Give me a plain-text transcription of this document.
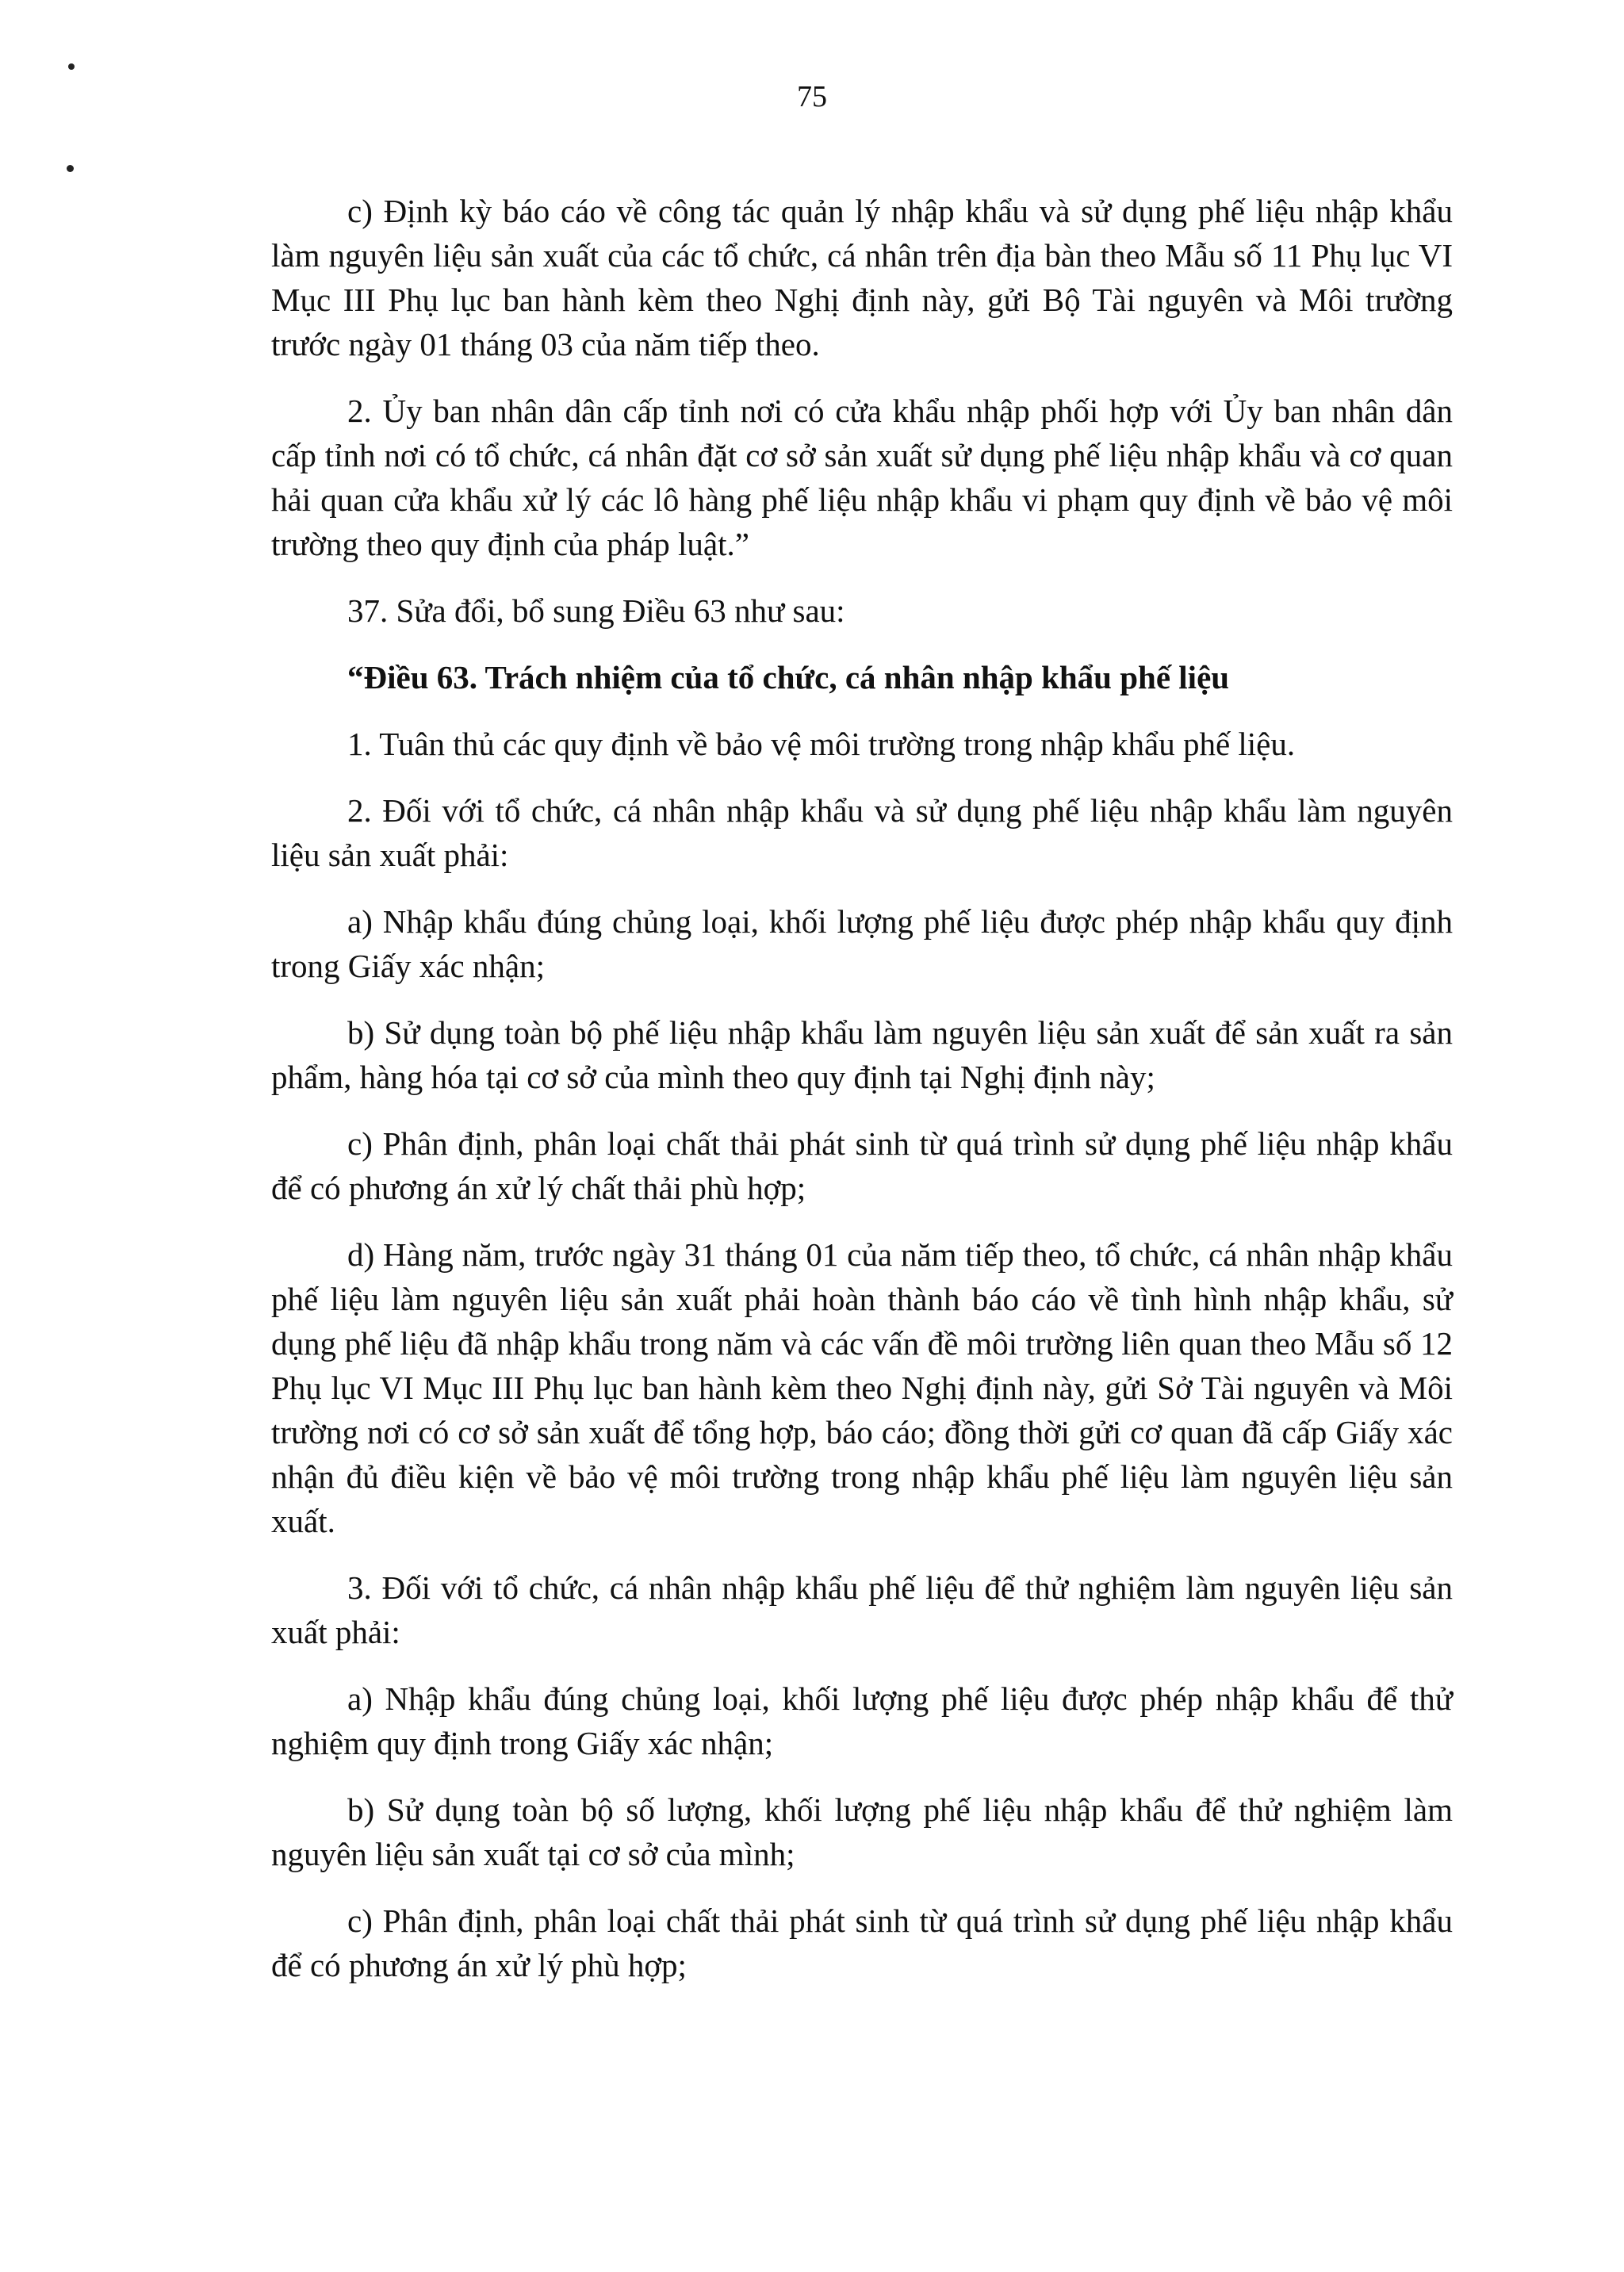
75

c) Định kỳ báo cáo về công tác quản lý nhập khẩu và sử dụng phế liệu nhập khẩu làm nguyên liệu sản xuất của các tổ chức, cá nhân trên địa bàn theo Mẫu số 11 Phụ lục VI Mục III Phụ lục ban hành kèm theo Nghị định này, gửi Bộ Tài nguyên và Môi trường trước ngày 01 tháng 03 của năm tiếp theo.

2. Ủy ban nhân dân cấp tỉnh nơi có cửa khẩu nhập phối hợp với Ủy ban nhân dân cấp tỉnh nơi có tổ chức, cá nhân đặt cơ sở sản xuất sử dụng phế liệu nhập khẩu và cơ quan hải quan cửa khẩu xử lý các lô hàng phế liệu nhập khẩu vi phạm quy định về bảo vệ môi trường theo quy định của pháp luật.”

37. Sửa đổi, bổ sung Điều 63 như sau:

“Điều 63. Trách nhiệm của tổ chức, cá nhân nhập khẩu phế liệu

1. Tuân thủ các quy định về bảo vệ môi trường trong nhập khẩu phế liệu.

2. Đối với tổ chức, cá nhân nhập khẩu và sử dụng phế liệu nhập khẩu làm nguyên liệu sản xuất phải:

a) Nhập khẩu đúng chủng loại, khối lượng phế liệu được phép nhập khẩu quy định trong Giấy xác nhận;

b) Sử dụng toàn bộ phế liệu nhập khẩu làm nguyên liệu sản xuất để sản xuất ra sản phẩm, hàng hóa tại cơ sở của mình theo quy định tại Nghị định này;

c) Phân định, phân loại chất thải phát sinh từ quá trình sử dụng phế liệu nhập khẩu để có phương án xử lý chất thải phù hợp;

d) Hàng năm, trước ngày 31 tháng 01 của năm tiếp theo, tổ chức, cá nhân nhập khẩu phế liệu làm nguyên liệu sản xuất phải hoàn thành báo cáo về tình hình nhập khẩu, sử dụng phế liệu đã nhập khẩu trong năm và các vấn đề môi trường liên quan theo Mẫu số 12 Phụ lục VI Mục III Phụ lục ban hành kèm theo Nghị định này, gửi Sở Tài nguyên và Môi trường nơi có cơ sở sản xuất để tổng hợp, báo cáo; đồng thời gửi cơ quan đã cấp Giấy xác nhận đủ điều kiện về bảo vệ môi trường trong nhập khẩu phế liệu làm nguyên liệu sản xuất.

3. Đối với tổ chức, cá nhân nhập khẩu phế liệu để thử nghiệm làm nguyên liệu sản xuất phải:

a) Nhập khẩu đúng chủng loại, khối lượng phế liệu được phép nhập khẩu để thử nghiệm quy định trong Giấy xác nhận;

b) Sử dụng toàn bộ số lượng, khối lượng phế liệu nhập khẩu để thử nghiệm làm nguyên liệu sản xuất tại cơ sở của mình;

c) Phân định, phân loại chất thải phát sinh từ quá trình sử dụng phế liệu nhập khẩu để có phương án xử lý phù hợp;
